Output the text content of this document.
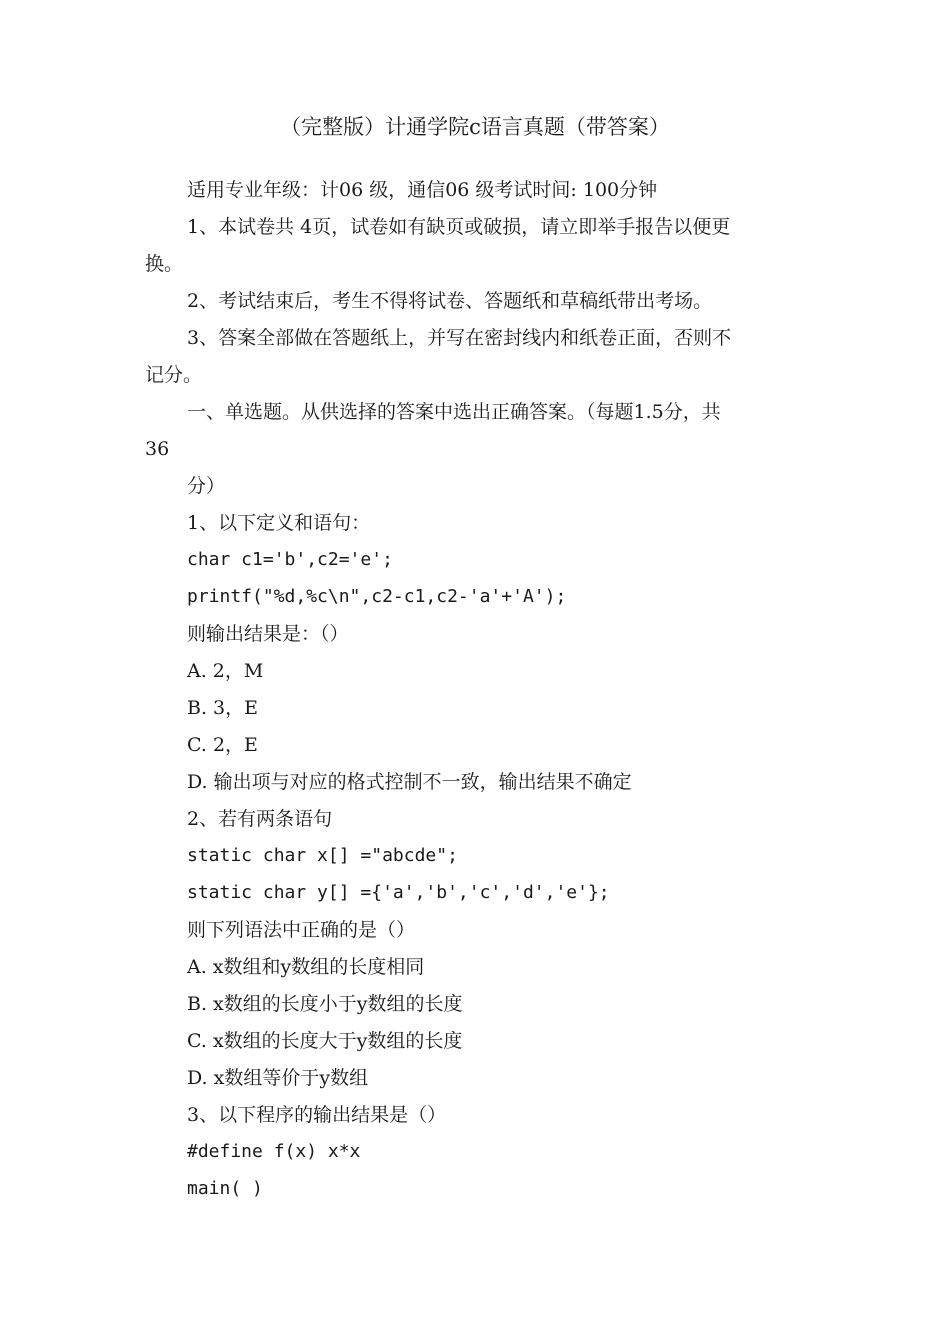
（完整版）计通学院c语言真题（带答案）
适用专业年级：计06 级，通信06 级考试时间: 100分钟
1、本试卷共 4页，试卷如有缺页或破损，请立即举手报告以便更
换。
2、考试结束后，考生不得将试卷、答题纸和草稿纸带出考场。
3、答案全部做在答题纸上，并写在密封线内和纸卷正面，否则不
记分。
一、单选题。从供选择的答案中选出正确答案。（每题1.5分，共
36
分）
1、以下定义和语句：
char c1='b',c2='e';
printf("%d,%c\n",c2-c1,c2-'a'+'A');
则输出结果是：（）
A. 2，M
B. 3，E
C. 2，E
D. 输出项与对应的格式控制不一致，输出结果不确定
2、若有两条语句
static char x[] ="abcde";
static char y[] ={'a','b','c','d','e'};
则下列语法中正确的是（）
A. x数组和y数组的长度相同
B. x数组的长度小于y数组的长度
C. x数组的长度大于y数组的长度
D. x数组等价于y数组
3、以下程序的输出结果是（）
#define f(x) x*x
main( )
